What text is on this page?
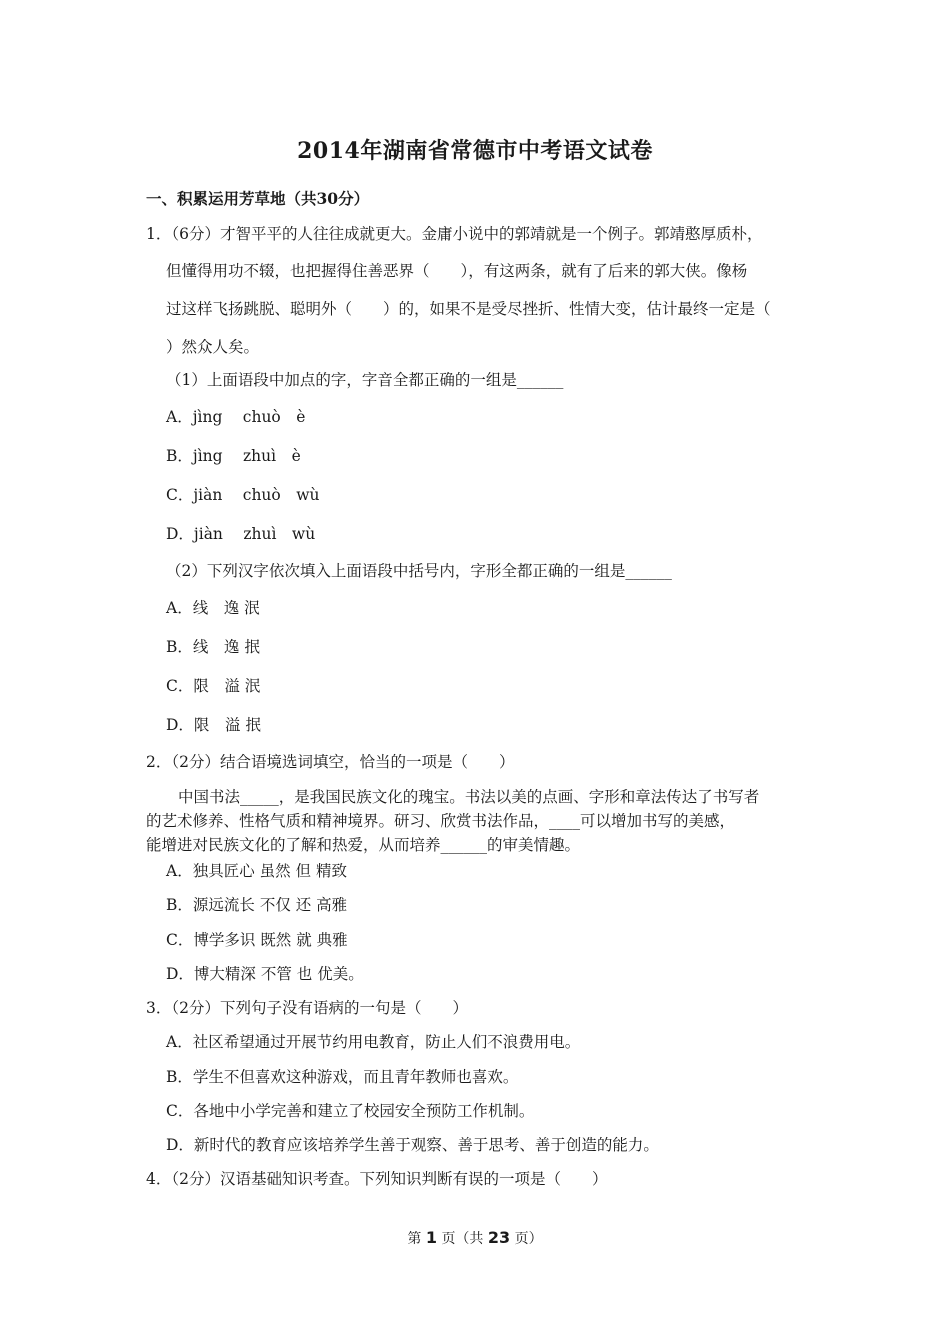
2014年湖南省常德市中考语文试卷
一、积累运用芳草地（共30分）
1．（6分）才智平平的人往往成就更大。金庸小说中的郭靖就是一个例子。郭靖憨厚质朴，
但懂得用功不辍，也把握得住善恶界（　　），有这两条，就有了后来的郭大侠。像杨
过这样飞扬跳脱、聪明外（　　）的，如果不是受尽挫折、性情大变，估计最终一定是（
）然众人矣。
（1）上面语段中加点的字，字音全都正确的一组是______
A．jìng　 chuò　è
B．jìng　 zhuì　è
C．jiàn　 chuò　wù
D．jiàn　 zhuì　wù
（2）下列汉字依次填入上面语段中括号内，字形全都正确的一组是______
A．线　逸 泯
B．线　逸 抿
C．限　溢 泯
D．限　溢 抿
2．（2分）结合语境选词填空，恰当的一项是（　　）
中国书法_____，是我国民族文化的瑰宝。书法以美的点画、字形和章法传达了书写者
的艺术修养、性格气质和精神境界。研习、欣赏书法作品，____可以增加书写的美感，
能增进对民族文化的了解和热爱，从而培养______的审美情趣。
A．独具匠心 虽然 但 精致
B．源远流长 不仅 还 高雅
C．博学多识 既然 就 典雅
D．博大精深 不管 也 优美。
3．（2分）下列句子没有语病的一句是（　　）
A．社区希望通过开展节约用电教育，防止人们不浪费用电。
B．学生不但喜欢这种游戏，而且青年教师也喜欢。
C．各地中小学完善和建立了校园安全预防工作机制。
D．新时代的教育应该培养学生善于观察、善于思考、善于创造的能力。
4．（2分）汉语基础知识考查。下列知识判断有误的一项是（　　）
第 1 页（共 23 页）
